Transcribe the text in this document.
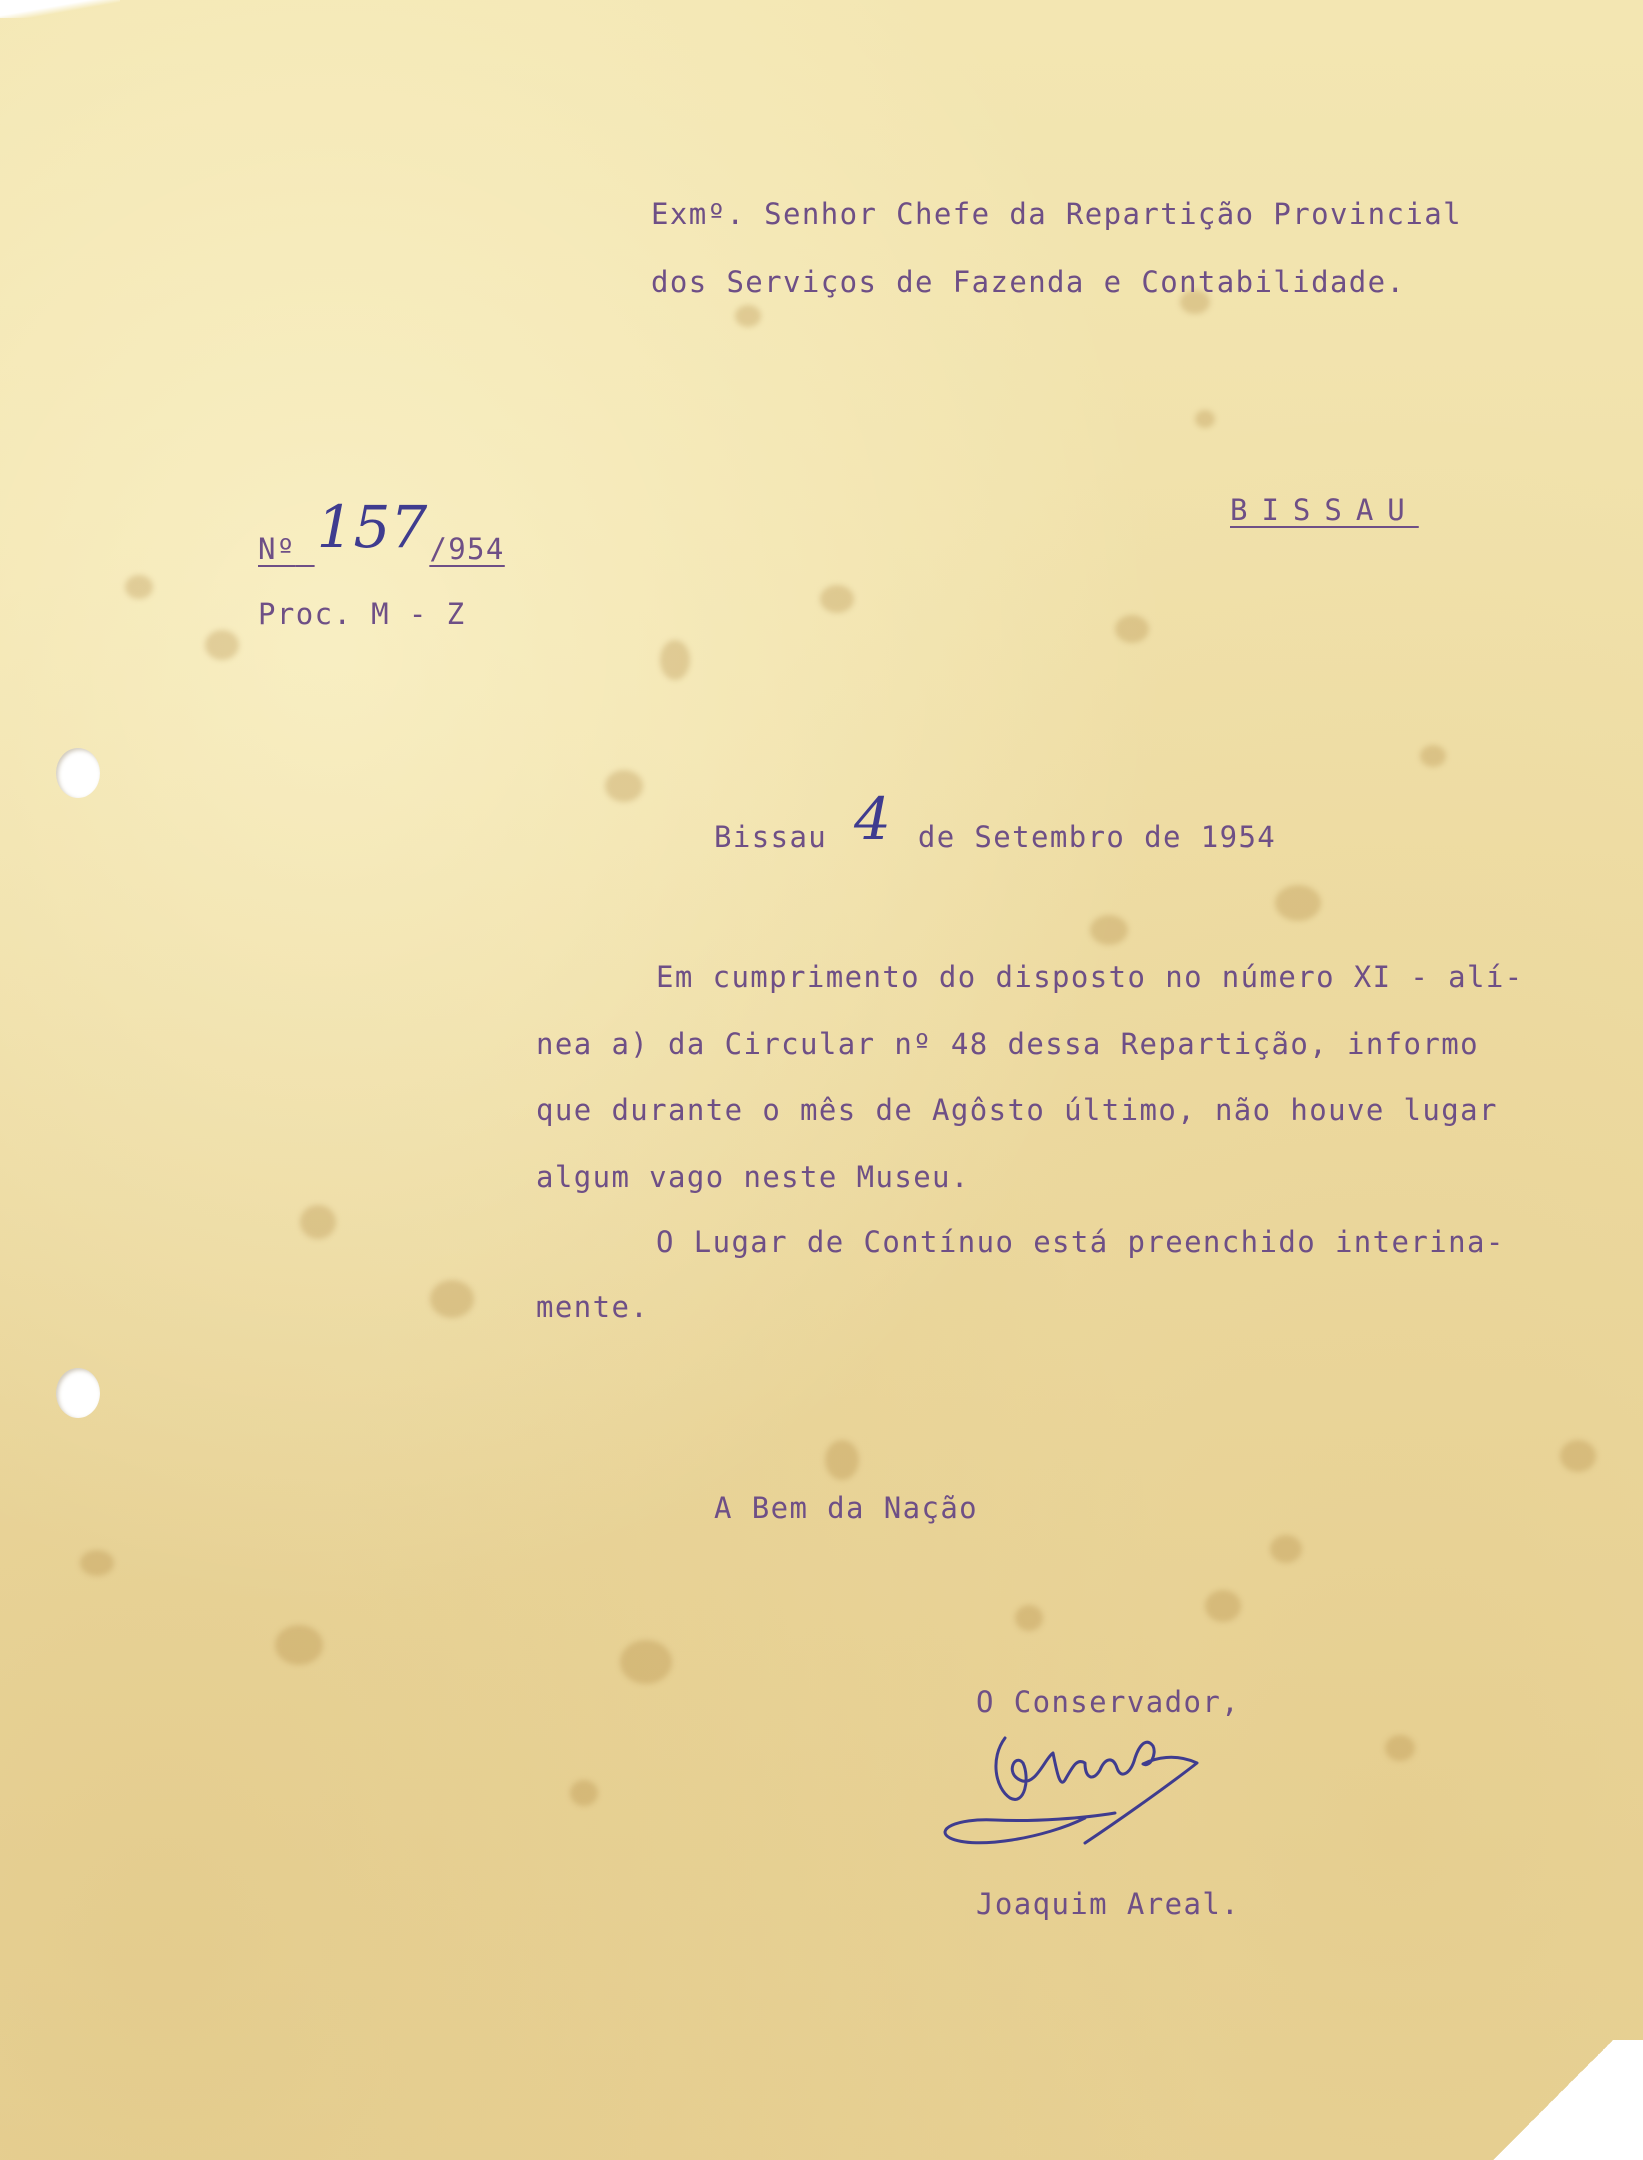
Exmº. Senhor Chefe da Repartição Provincial
dos Serviços de Fazenda e Contabilidade.
BISSAU
Nº 157/954
Proc. M - Z
Bissau 4 de Setembro de 1954
Em cumprimento do disposto no número XI - alí-
nea a) da Circular nº 48 dessa Repartição, informo
que durante o mês de Agôsto último, não houve lugar
algum vago neste Museu.
O Lugar de Contínuo está preenchido interina-
mente.
A Bem da Nação
O Conservador,
Joaquim Areal.
